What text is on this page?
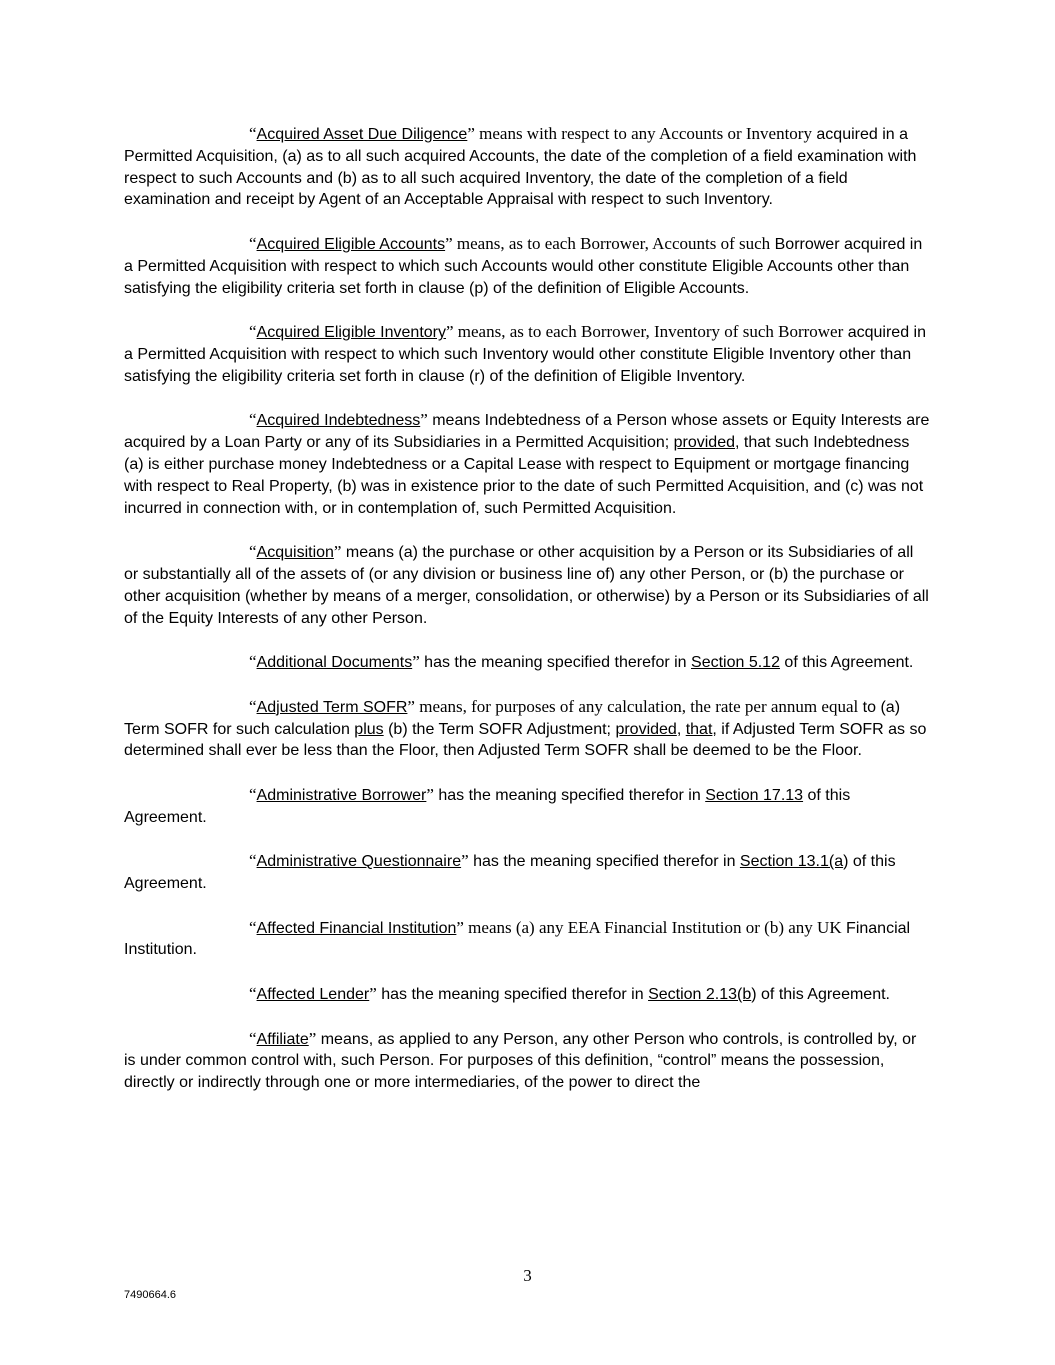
“Acquired Asset Due Diligence” means with respect to any Accounts or Inventory acquired in a Permitted Acquisition, (a) as to all such acquired Accounts, the date of the completion of a field examination with respect to such Accounts and (b) as to all such acquired Inventory, the date of the completion of a field examination and receipt by Agent of an Acceptable Appraisal with respect to such Inventory.

“Acquired Eligible Accounts” means, as to each Borrower, Accounts of such Borrower acquired in a Permitted Acquisition with respect to which such Accounts would other constitute Eligible Accounts other than satisfying the eligibility criteria set forth in clause (p) of the definition of Eligible Accounts.

“Acquired Eligible Inventory” means, as to each Borrower, Inventory of such Borrower acquired in a Permitted Acquisition with respect to which such Inventory would other constitute Eligible Inventory other than satisfying the eligibility criteria set forth in clause (r) of the definition of Eligible Inventory.

“Acquired Indebtedness” means Indebtedness of a Person whose assets or Equity Interests are acquired by a Loan Party or any of its Subsidiaries in a Permitted Acquisition; provided, that such Indebtedness (a) is either purchase money Indebtedness or a Capital Lease with respect to Equipment or mortgage financing with respect to Real Property, (b) was in existence prior to the date of such Permitted Acquisition, and (c) was not incurred in connection with, or in contemplation of, such Permitted Acquisition.

“Acquisition” means (a) the purchase or other acquisition by a Person or its Subsidiaries of all or substantially all of the assets of (or any division or business line of) any other Person, or (b) the purchase or other acquisition (whether by means of a merger, consolidation, or otherwise) by a Person or its Subsidiaries of all of the Equity Interests of any other Person.

“Additional Documents” has the meaning specified therefor in Section 5.12 of this Agreement.

“Adjusted Term SOFR” means, for purposes of any calculation, the rate per annum equal to (a) Term SOFR for such calculation plus (b) the Term SOFR Adjustment; provided, that, if Adjusted Term SOFR as so determined shall ever be less than the Floor, then Adjusted Term SOFR shall be deemed to be the Floor.

“Administrative Borrower” has the meaning specified therefor in Section 17.13 of this Agreement.

“Administrative Questionnaire” has the meaning specified therefor in Section 13.1(a) of this Agreement.

“Affected Financial Institution” means (a) any EEA Financial Institution or (b) any UK Financial Institution.

“Affected Lender” has the meaning specified therefor in Section 2.13(b) of this Agreement.

“Affiliate” means, as applied to any Person, any other Person who controls, is controlled by, or is under common control with, such Person. For purposes of this definition, “control” means the possession, directly or indirectly through one or more intermediaries, of the power to direct the

3
7490664.6
